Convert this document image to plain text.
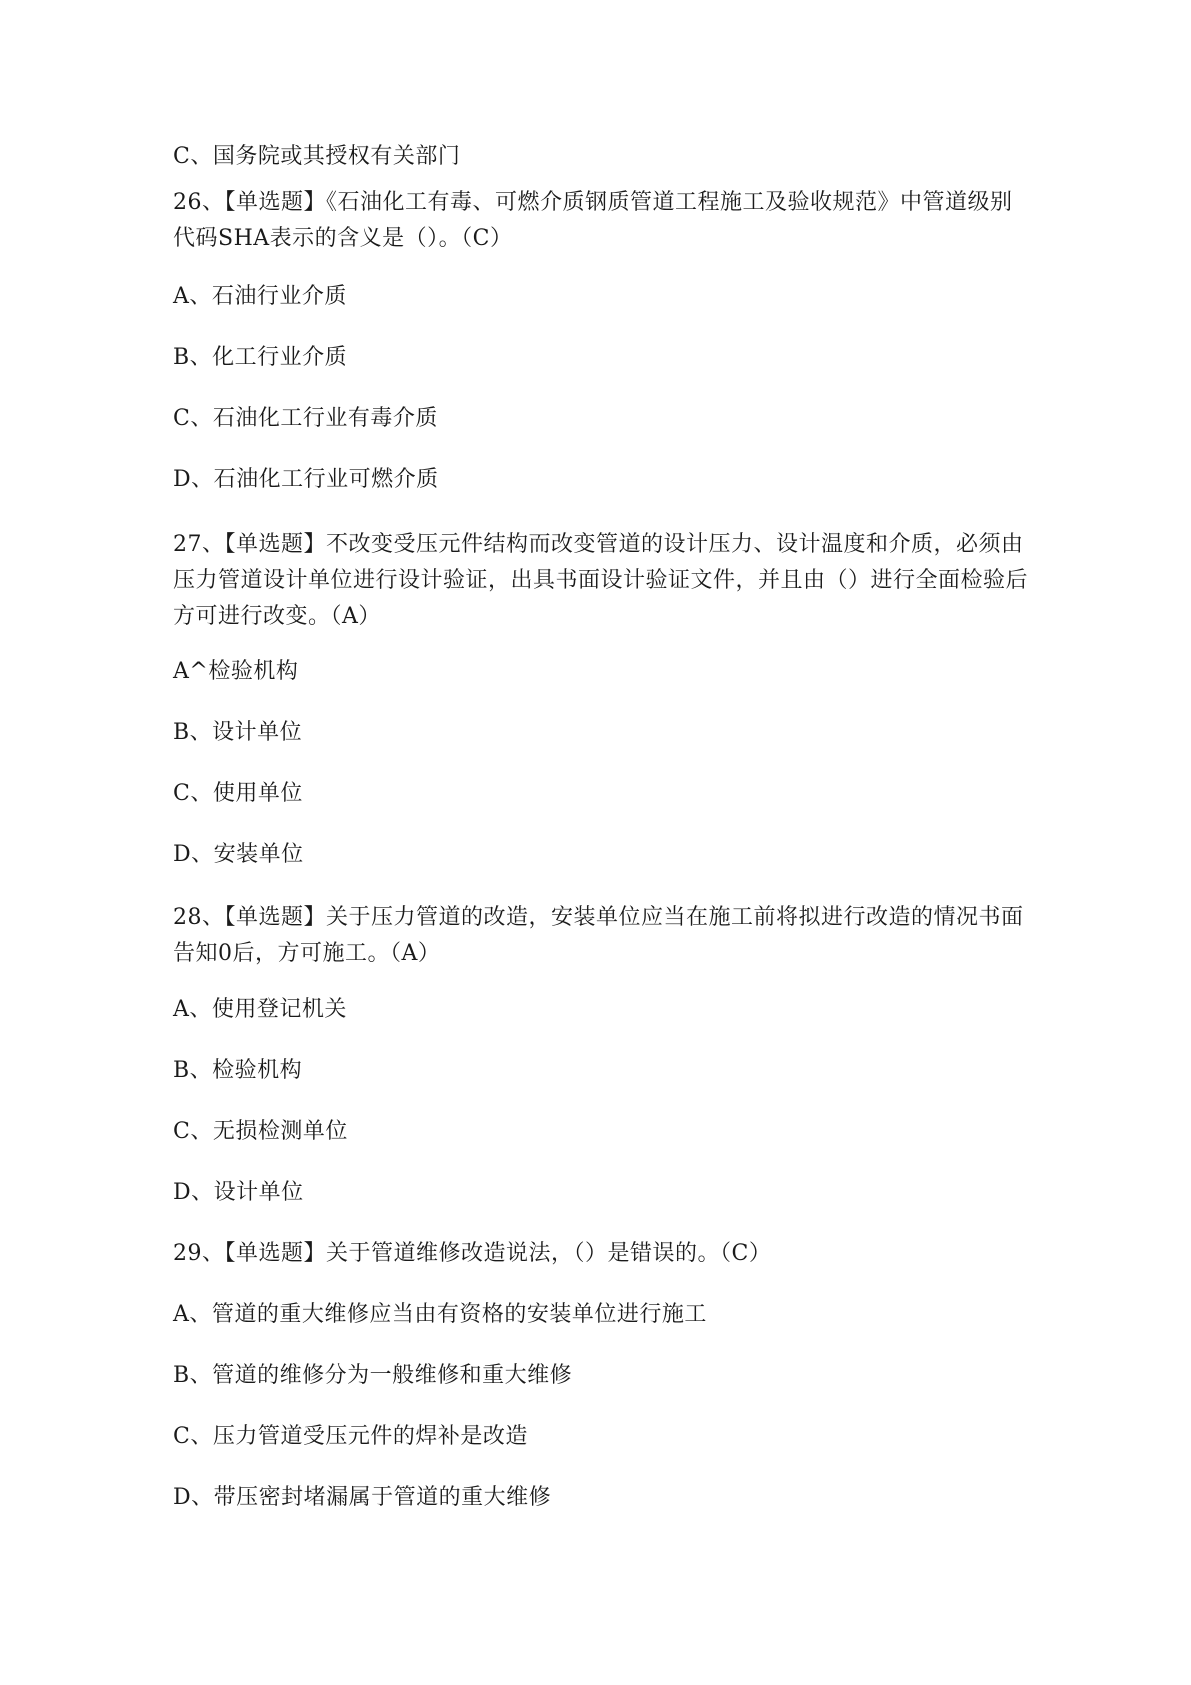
C、国务院或其授权有关部门
26、【单选题】《石油化工有毒、可燃介质钢质管道工程施工及验收规范》中管道级别代码SHA表示的含义是（）。（C）
A、石油行业介质
B、化工行业介质
C、石油化工行业有毒介质
D、石油化工行业可燃介质
27、【单选题】不改变受压元件结构而改变管道的设计压力、设计温度和介质，必须由压力管道设计单位进行设计验证，出具书面设计验证文件，并且由（）进行全面检验后方可进行改变。（A）
A^检验机构
B、设计单位
C、使用单位
D、安装单位
28、【单选题】关于压力管道的改造，安装单位应当在施工前将拟进行改造的情况书面告知0后，方可施工。（A）
A、使用登记机关
B、检验机构
C、无损检测单位
D、设计单位
29、【单选题】关于管道维修改造说法，（）是错误的。（C）
A、管道的重大维修应当由有资格的安装单位进行施工
B、管道的维修分为一般维修和重大维修
C、压力管道受压元件的焊补是改造
D、带压密封堵漏属于管道的重大维修
